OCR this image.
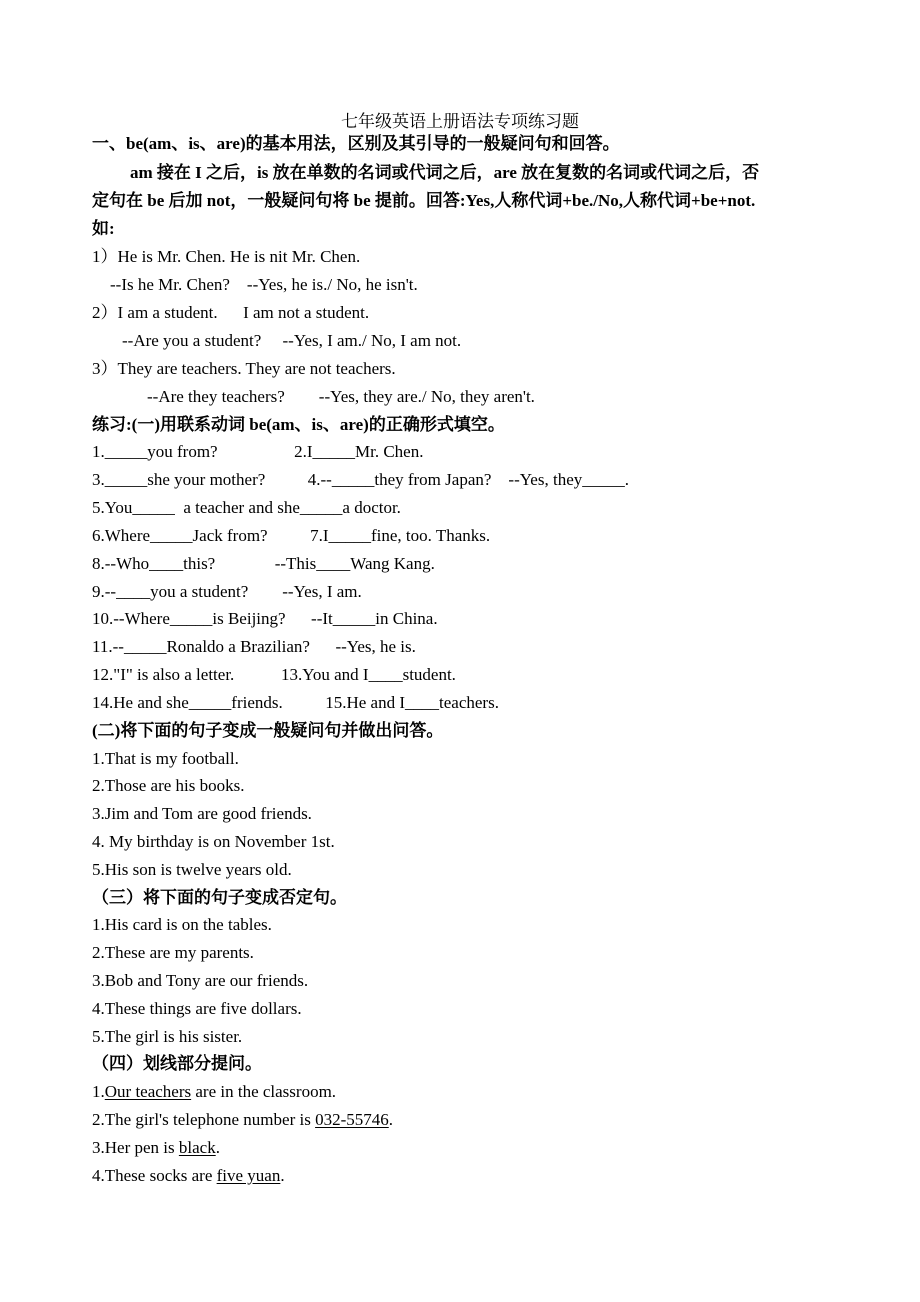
七年级英语上册语法专项练习题
一、be(am、is、are)的基本用法，区别及其引导的一般疑问句和回答。
am 接在 I 之后，is 放在单数的名词或代词之后，are 放在复数的名词或代词之后，否
定句在 be 后加 not，一般疑问句将 be 提前。回答:Yes,人称代词+be./No,人称代词+be+not.
如:
1）He is Mr. Chen. He is nit Mr. Chen.
--Is he Mr. Chen?    --Yes, he is./ No, he isn't.
2）I am a student.      I am not a student.
--Are you a student?     --Yes, I am./ No, I am not.
3）They are teachers. They are not teachers.
--Are they teachers?        --Yes, they are./ No, they aren't.
练习:(一)用联系动词 be(am、is、are)的正确形式填空。
1._____you from?                  2.I_____Mr. Chen.
3._____she your mother?          4.--_____they from Japan?    --Yes, they_____.
5.You_____  a teacher and she_____a doctor.
6.Where_____Jack from?          7.I_____fine, too. Thanks.
8.--Who____this?              --This____Wang Kang.
9.--____you a student?        --Yes, I am.
10.--Where_____is Beijing?      --It_____in China.
11.--_____Ronaldo a Brazilian?      --Yes, he is.
12."I" is also a letter.           13.You and I____student.
14.He and she_____friends.          15.He and I____teachers.
(二)将下面的句子变成一般疑问句并做出问答。
1.That is my football.
2.Those are his books.
3.Jim and Tom are good friends.
4. My birthday is on November 1st.
5.His son is twelve years old.
（三）将下面的句子变成否定句。
1.His card is on the tables.
2.These are my parents.
3.Bob and Tony are our friends.
4.These things are five dollars.
5.The girl is his sister.
（四）划线部分提问。
1.Our teachers are in the classroom.
2.The girl's telephone number is 032-55746.
3.Her pen is black.
4.These socks are five yuan.
